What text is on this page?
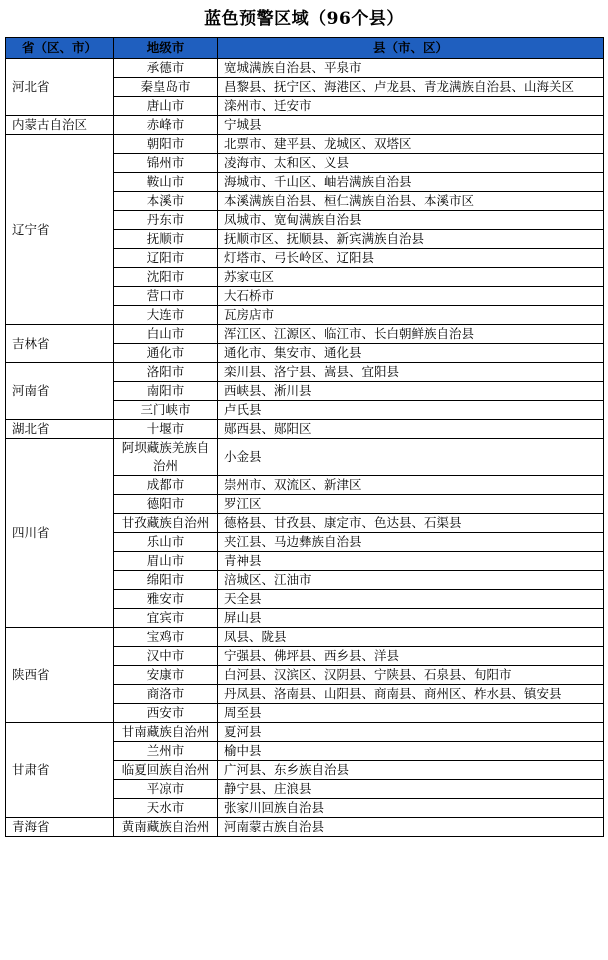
蓝色预警区域（96个县）
省（区、市）	地级市	县（市、区）
河北省	承德市	宽城满族自治县、平泉市
	秦皇岛市	昌黎县、抚宁区、海港区、卢龙县、青龙满族自治县、山海关区
	唐山市	滦州市、迁安市
内蒙古自治区	赤峰市	宁城县
辽宁省	朝阳市	北票市、建平县、龙城区、双塔区
	锦州市	凌海市、太和区、义县
	鞍山市	海城市、千山区、岫岩满族自治县
	本溪市	本溪满族自治县、桓仁满族自治县、本溪市区
	丹东市	凤城市、宽甸满族自治县
	抚顺市	抚顺市区、抚顺县、新宾满族自治县
	辽阳市	灯塔市、弓长岭区、辽阳县
	沈阳市	苏家屯区
	营口市	大石桥市
	大连市	瓦房店市
吉林省	白山市	浑江区、江源区、临江市、长白朝鲜族自治县
	通化市	通化市、集安市、通化县
河南省	洛阳市	栾川县、洛宁县、嵩县、宜阳县
	南阳市	西峡县、淅川县
	三门峡市	卢氏县
湖北省	十堰市	郧西县、郧阳区
四川省	阿坝藏族羌族自治州	小金县
	成都市	崇州市、双流区、新津区
	德阳市	罗江区
	甘孜藏族自治州	德格县、甘孜县、康定市、色达县、石渠县
	乐山市	夹江县、马边彝族自治县
	眉山市	青神县
	绵阳市	涪城区、江油市
	雅安市	天全县
	宜宾市	屏山县
陕西省	宝鸡市	凤县、陇县
	汉中市	宁强县、佛坪县、西乡县、洋县
	安康市	白河县、汉滨区、汉阴县、宁陕县、石泉县、旬阳市
	商洛市	丹凤县、洛南县、山阳县、商南县、商州区、柞水县、镇安县
	西安市	周至县
甘肃省	甘南藏族自治州	夏河县
	兰州市	榆中县
	临夏回族自治州	广河县、东乡族自治县
	平凉市	静宁县、庄浪县
	天水市	张家川回族自治县
青海省	黄南藏族自治州	河南蒙古族自治县
